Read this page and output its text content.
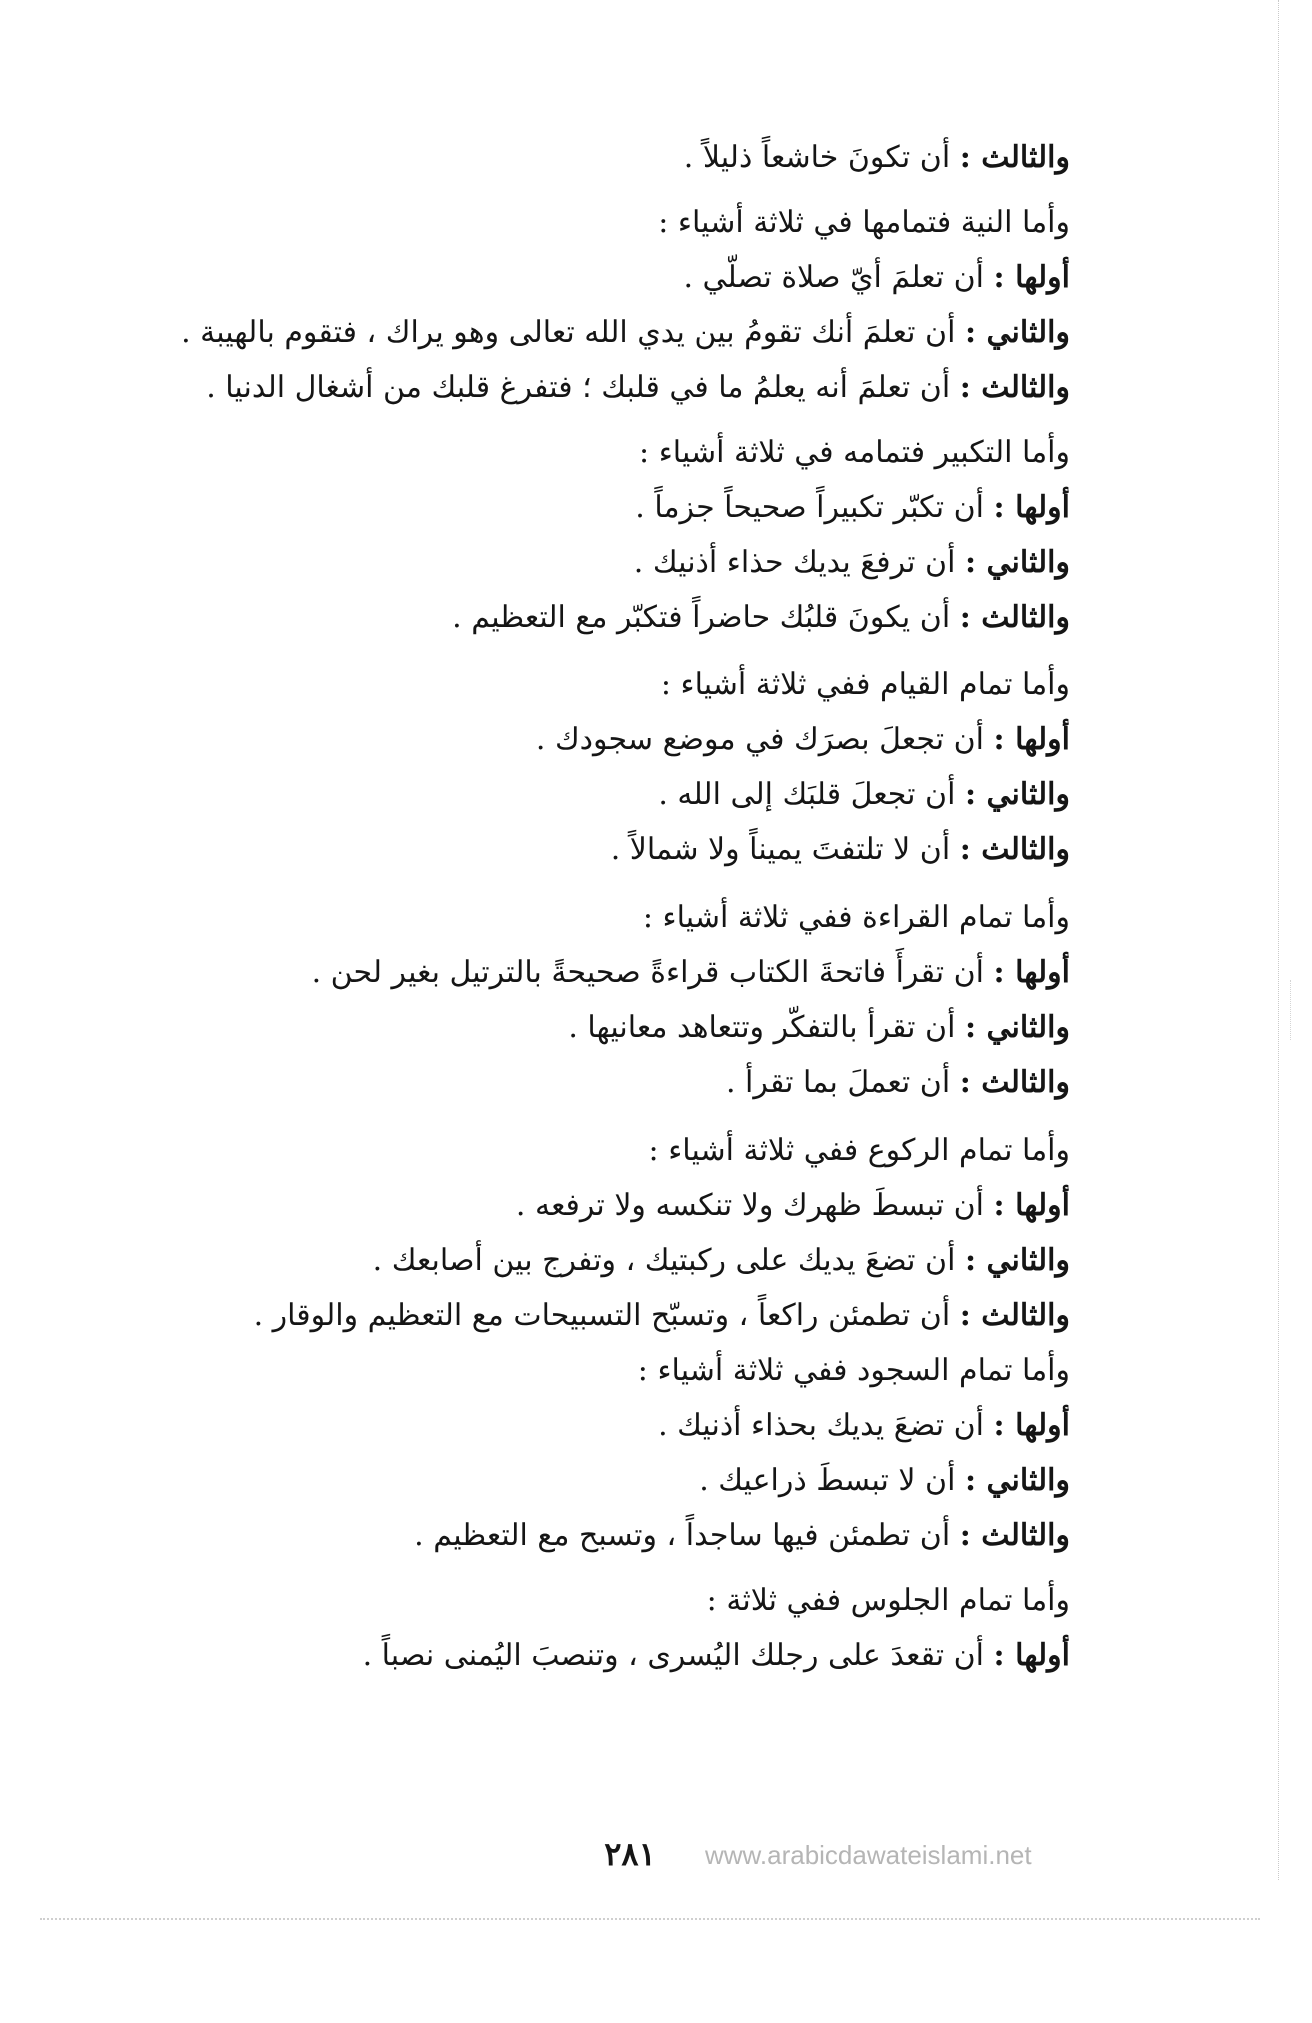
والثالث : أن تكونَ خاشعاً ذليلاً .
وأما النية فتمامها في ثلاثة أشياء :
أولها : أن تعلمَ أيّ صلاة تصلّي .
والثاني : أن تعلمَ أنك تقومُ بين يدي الله تعالى وهو يراك ، فتقوم بالهيبة .
والثالث : أن تعلمَ أنه يعلمُ ما في قلبك ؛ فتفرغ قلبك من أشغال الدنيا .
وأما التكبير فتمامه في ثلاثة أشياء :
أولها : أن تكبّر تكبيراً صحيحاً جزماً .
والثاني : أن ترفعَ يديك حذاء أذنيك .
والثالث : أن يكونَ قلبُك حاضراً فتكبّر مع التعظيم .
وأما تمام القيام ففي ثلاثة أشياء :
أولها : أن تجعلَ بصرَك في موضع سجودك .
والثاني : أن تجعلَ قلبَك إلى الله .
والثالث : أن لا تلتفتَ يميناً ولا شمالاً .
وأما تمام القراءة ففي ثلاثة أشياء :
أولها : أن تقرأَ فاتحةَ الكتاب قراءةً صحيحةً بالترتيل بغير لحن .
والثاني : أن تقرأ بالتفكّر وتتعاهد معانيها .
والثالث : أن تعملَ بما تقرأ .
وأما تمام الركوع ففي ثلاثة أشياء :
أولها : أن تبسطَ ظهرك ولا تنكسه ولا ترفعه .
والثاني : أن تضعَ يديك على ركبتيك ، وتفرج بين أصابعك .
والثالث : أن تطمئن راكعاً ، وتسبّح التسبيحات مع التعظيم والوقار .
وأما تمام السجود ففي ثلاثة أشياء :
أولها : أن تضعَ يديك بحذاء أذنيك .
والثاني : أن لا تبسطَ ذراعيك .
والثالث : أن تطمئن فيها ساجداً ، وتسبح مع التعظيم .
وأما تمام الجلوس ففي ثلاثة :
أولها : أن تقعدَ على رجلك اليُسرى ، وتنصبَ اليُمنى نصباً .
www.arabicdawateislami.net
٢٨١
